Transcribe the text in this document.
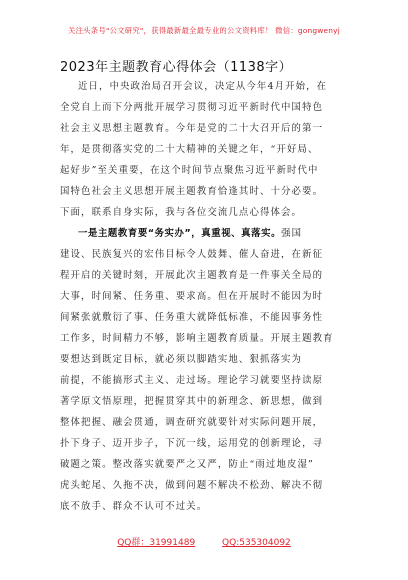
关注头条号"公文研究"，获得最新最全最专业的公文资料库！ 微信：gongwenyj
2023年主题教育心得体会（1138字）
近日，中央政治局召开会议，决定从今年4月开始，在
全党自上而下分两批开展学习贯彻习近平新时代中国特色
社会主义思想主题教育。今年是党的二十大召开后的第一
年，是贯彻落实党的二十大精神的关键之年，“开好局、
起好步”至关重要，在这个时间节点聚焦习近平新时代中
国特色社会主义思想开展主题教育恰逢其时、十分必要。
下面，联系自身实际，我与各位交流几点心得体会。
一是主题教育要“务实办”，真重视、真落实。强国
建设、民族复兴的宏伟目标令人鼓舞、催人奋进，在新征
程开启的关键时刻，开展此次主题教育是一件事关全局的
大事，时间紧、任务重、要求高。但在开展时不能因为时
间紧张就敷衍了事、任务重大就降低标准，不能因事务性
工作多，时间精力不够，影响主题教育质量。开展主题教育
要想达到既定目标，就必须以脚踏实地、狠抓落实为
前提，不能搞形式主义、走过场。理论学习就要坚持读原
著学原文悟原理，把握贯穿其中的新理念、新思想，做到
整体把握、融会贯通，调查研究就要针对实际问题开展，
扑下身子、迈开步子，下沉一线，运用党的创新理论，寻
破题之策。整改落实就要严之又严，防止“雨过地皮湿”
虎头蛇尾、久拖不决，做到问题不解决不松劲、解决不彻
底不放手、群众不认可不过关。
QQ群：31991489	QQ:535304092
